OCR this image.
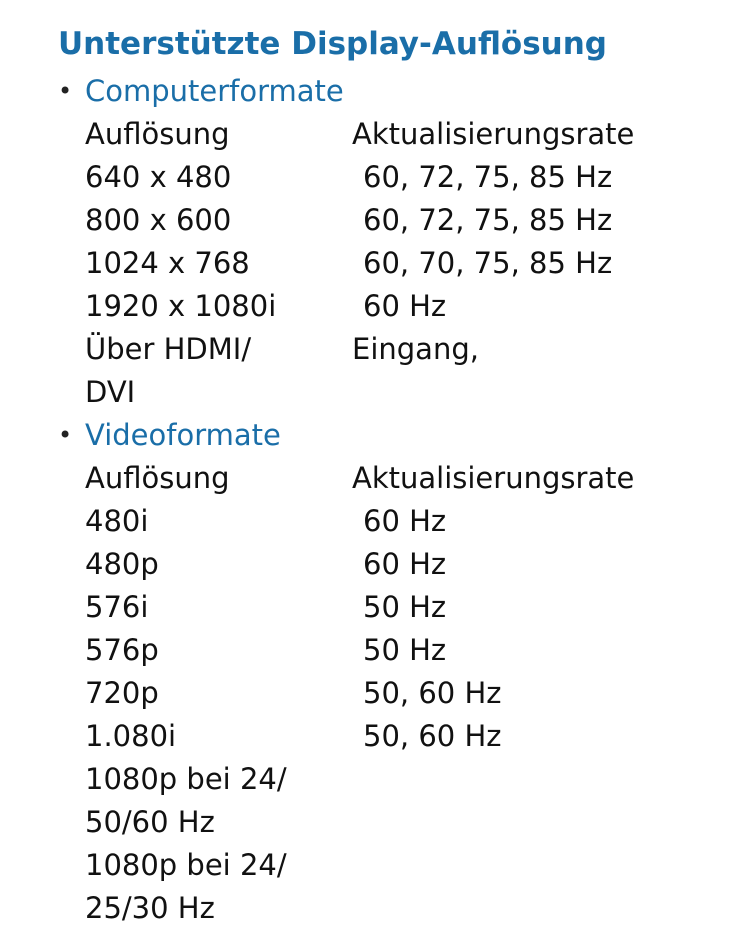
Unterstützte Display-Auflösung
• Computerformate
Auflösung	Aktualisierungsrate
640 x 480	60, 72, 75, 85 Hz
800 x 600	60, 72, 75, 85 Hz
1024 x 768	60, 70, 75, 85 Hz
1920 x 1080i	60 Hz
Über HDMI/	Eingang,
DVI
• Videoformate
Auflösung	Aktualisierungsrate
480i	60 Hz
480p	60 Hz
576i	50 Hz
576p	50 Hz
720p	50, 60 Hz
1.080i	50, 60 Hz
1080p bei 24/
50/60 Hz
1080p bei 24/
25/30 Hz
